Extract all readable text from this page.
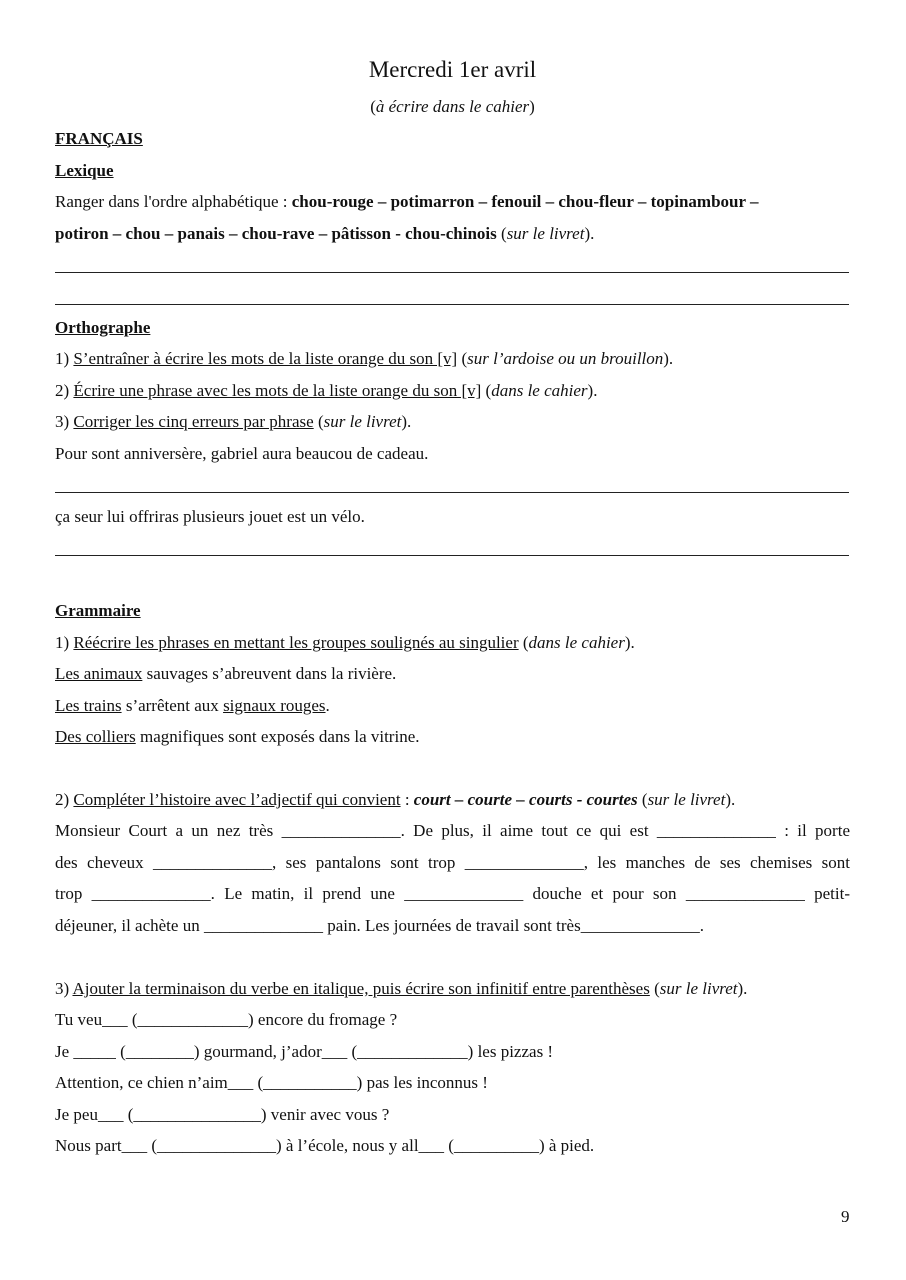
Mercredi 1er avril
(à écrire dans le cahier)
FRANÇAIS
Lexique
Ranger dans l'ordre alphabétique : chou-rouge – potimarron – fenouil – chou-fleur – topinambour –
potiron – chou – panais – chou-rave – pâtisson - chou-chinois (sur le livret).
Orthographe
1) S’entraîner à écrire les mots de la liste orange du son [v] (sur l’ardoise ou un brouillon).
2) Écrire une phrase avec les mots de la liste orange du son [v] (dans le cahier).
3) Corriger les cinq erreurs par phrase (sur le livret).
Pour sont anniversère, gabriel aura beaucou de cadeau.
ça seur lui offriras plusieurs jouet est un vélo.
Grammaire
1) Réécrire les phrases en mettant les groupes soulignés au singulier (dans le cahier).
Les animaux sauvages s’abreuvent dans la rivière.
Les trains s’arrêtent aux signaux rouges.
Des colliers magnifiques sont exposés dans la vitrine.
2) Compléter l’histoire avec l’adjectif qui convient : court – courte – courts - courtes (sur le livret).
Monsieur Court a un nez très ______________. De plus, il aime tout ce qui est ______________ : il porte
des cheveux ______________, ses pantalons sont trop ______________, les manches de ses chemises sont
trop ______________. Le matin, il prend une ______________ douche et pour son ______________ petit-
déjeuner, il achète un ______________ pain. Les journées de travail sont très______________.
3) Ajouter la terminaison du verbe en italique, puis écrire son infinitif entre parenthèses (sur le livret).
Tu veu___ (_____________) encore du fromage ?
Je _____ (________) gourmand, j’ador___ (_____________) les pizzas !
Attention, ce chien n’aim___ (___________) pas les inconnus !
Je peu___ (_______________) venir avec vous ?
Nous part___ (______________) à l’école, nous y all___ (__________) à pied.
9
